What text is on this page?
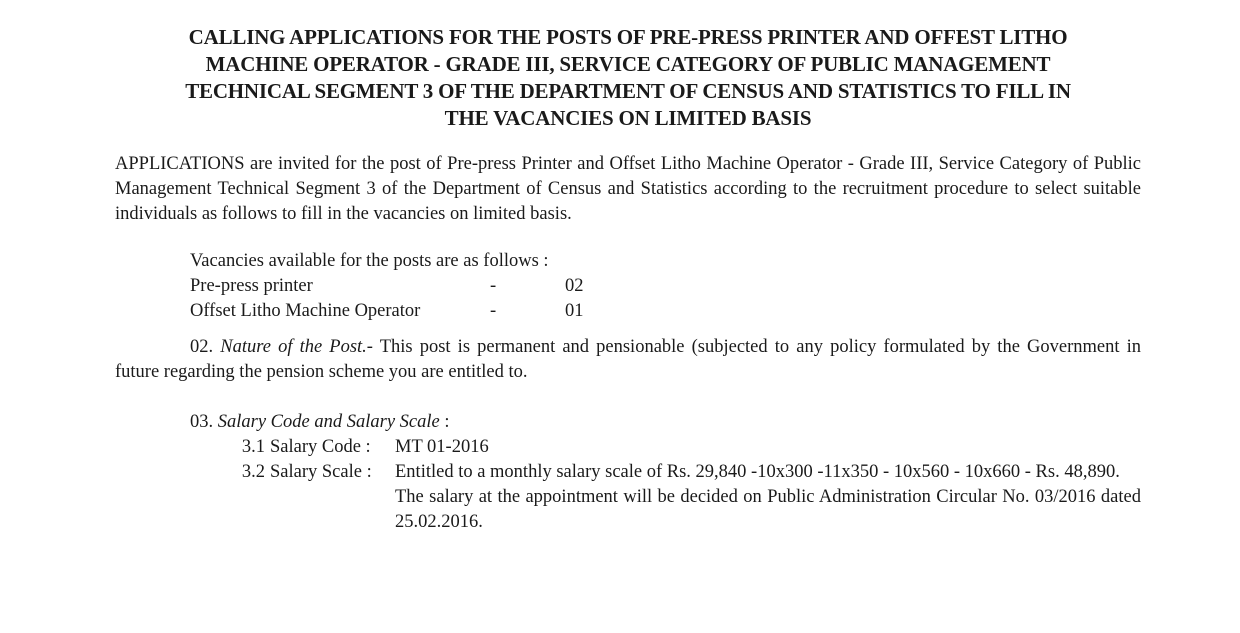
CALLING APPLICATIONS FOR THE POSTS OF PRE-PRESS PRINTER AND OFFEST LITHO
MACHINE OPERATOR - GRADE III, SERVICE CATEGORY OF PUBLIC MANAGEMENT
TECHNICAL SEGMENT 3 OF THE DEPARTMENT OF CENSUS AND STATISTICS TO FILL IN
THE VACANCIES ON LIMITED BASIS

APPLICATIONS are invited for the post of Pre-press Printer and Offset Litho Machine Operator - Grade III, Service Category of Public Management Technical Segment 3 of the Department of Census and Statistics according to the recruitment procedure to select suitable individuals as follows to fill in the vacancies on limited basis.

Vacancies available for the posts are as follows :
Pre-press printer	-	02
Offset Litho Machine Operator	-	01

02. Nature of the Post.- This post is permanent and pensionable (subjected to any policy formulated by the Government in future regarding the pension scheme you are entitled to.

03. Salary Code and Salary Scale :
3.1 Salary Code :	MT 01-2016
3.2 Salary Scale :	Entitled to a monthly salary scale of Rs. 29,840 -10x300 -11x350 - 10x560 - 10x660 - Rs. 48,890.

The salary at the appointment will be decided on Public Administration Circular No. 03/2016 dated 25.02.2016.
